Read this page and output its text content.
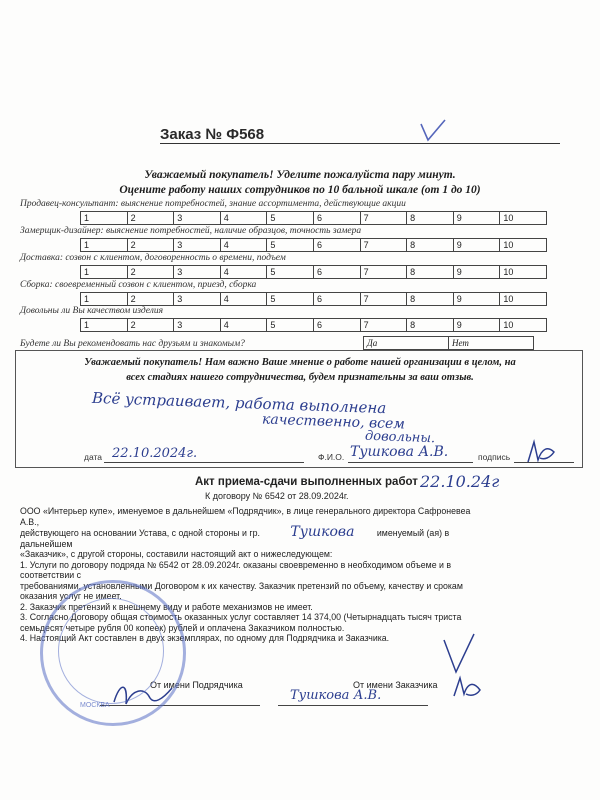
Заказ № Ф568
Уважаемый покупатель! Уделите пожалуйста пару минут.
Оцените работу наших сотрудников по 10 бальной шкале (от 1 до 10)
Продавец-консультант: выяснение потребностей, знание ассортимента, действующие акции
1	2	3	4	5	6	7	8	9	10
Замерщик-дизайнер: выяснение потребностей, наличие образцов, точность замера
1	2	3	4	5	6	7	8	9	10
Доставка: созвон с клиентом, договоренность о времени, подъем
1	2	3	4	5	6	7	8	9	10
Сборка: своевременный созвон с клиентом, приезд, сборка
1	2	3	4	5	6	7	8	9	10
Довольны ли Вы качеством изделия
1	2	3	4	5	6	7	8	9	10
Будете ли Вы рекомендовать нас друзьям и знакомым?	Да	Нет
Уважаемый покупатель! Нам важно Ваше мнение о работе нашей организации в целом, на
всех стадиях нашего сотрудничества, будем признательны за ваш отзыв.
Всё устраивает, работа выполнена
качественно, всем
довольны.
дата 22.10.2024г.	Ф.И.О. Тушкова А.В.	подпись
Акт приема-сдачи выполненных работ 22.10.24г
К договору № 6542 от 28.09.2024г.
ООО «Интерьер купе», именуемое в дальнейшем «Подрядчик», в лице генерального директора Сафроневеа
А.В.,
действующего на основании Устава, с одной стороны и гр. Тушкова	именуемый (ая) в
дальнейшем
«Заказчик», с другой стороны, составили настоящий акт о нижеследующем:
1. Услуги по договору подряда № 6542 от 28.09.2024г. оказаны своевременно в необходимом объеме и в
соответствии с
требованиями, установленными Договором к их качеству. Заказчик претензий по объему, качеству и срокам
оказания услуг не имеет.
2. Заказчик претензий к внешнему виду и работе механизмов не имеет.
3. Согласно Договору общая стоимость оказанных услуг составляет 14 374,00 (Четырнадцать тысяч триста
семьдесят четыре рубля 00 копеек) рублей и оплачена Заказчиком полностью.
4. Настоящий Акт составлен в двух экземплярах, по одному для Подрядчика и Заказчика.
От имени Подрядчика	От имени Заказчика
Тушкова А.В.
МОСКВА
